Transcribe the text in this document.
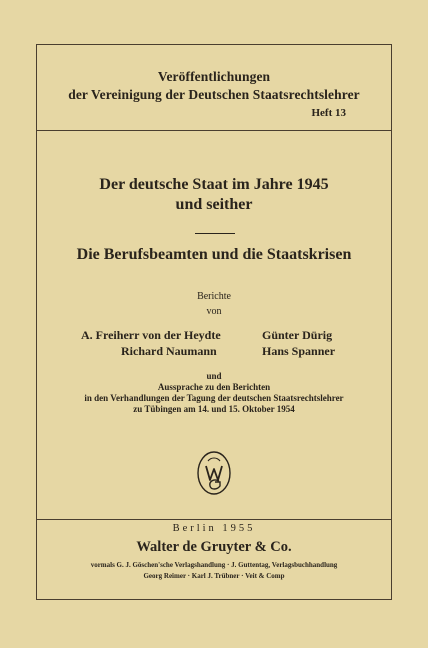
Veröffentlichungen
der Vereinigung der Deutschen Staatsrechtslehrer
Heft 13
Der deutsche Staat im Jahre 1945
und seither
Die Berufsbeamten und die Staatskrisen
Berichte
von
A. Freiherr von der Heydte	Günter Dürig
Richard Naumann	Hans Spanner
und
Aussprache zu den Berichten
in den Verhandlungen der Tagung der deutschen Staatsrechtslehrer
zu Tübingen am 14. und 15. Oktober 1954
Berlin 1955
Walter de Gruyter & Co.
vormals G. J. Göschen'sche Verlagshandlung · J. Guttentag, Verlagsbuchhandlung
Georg Reimer · Karl J. Trübner · Veit & Comp
